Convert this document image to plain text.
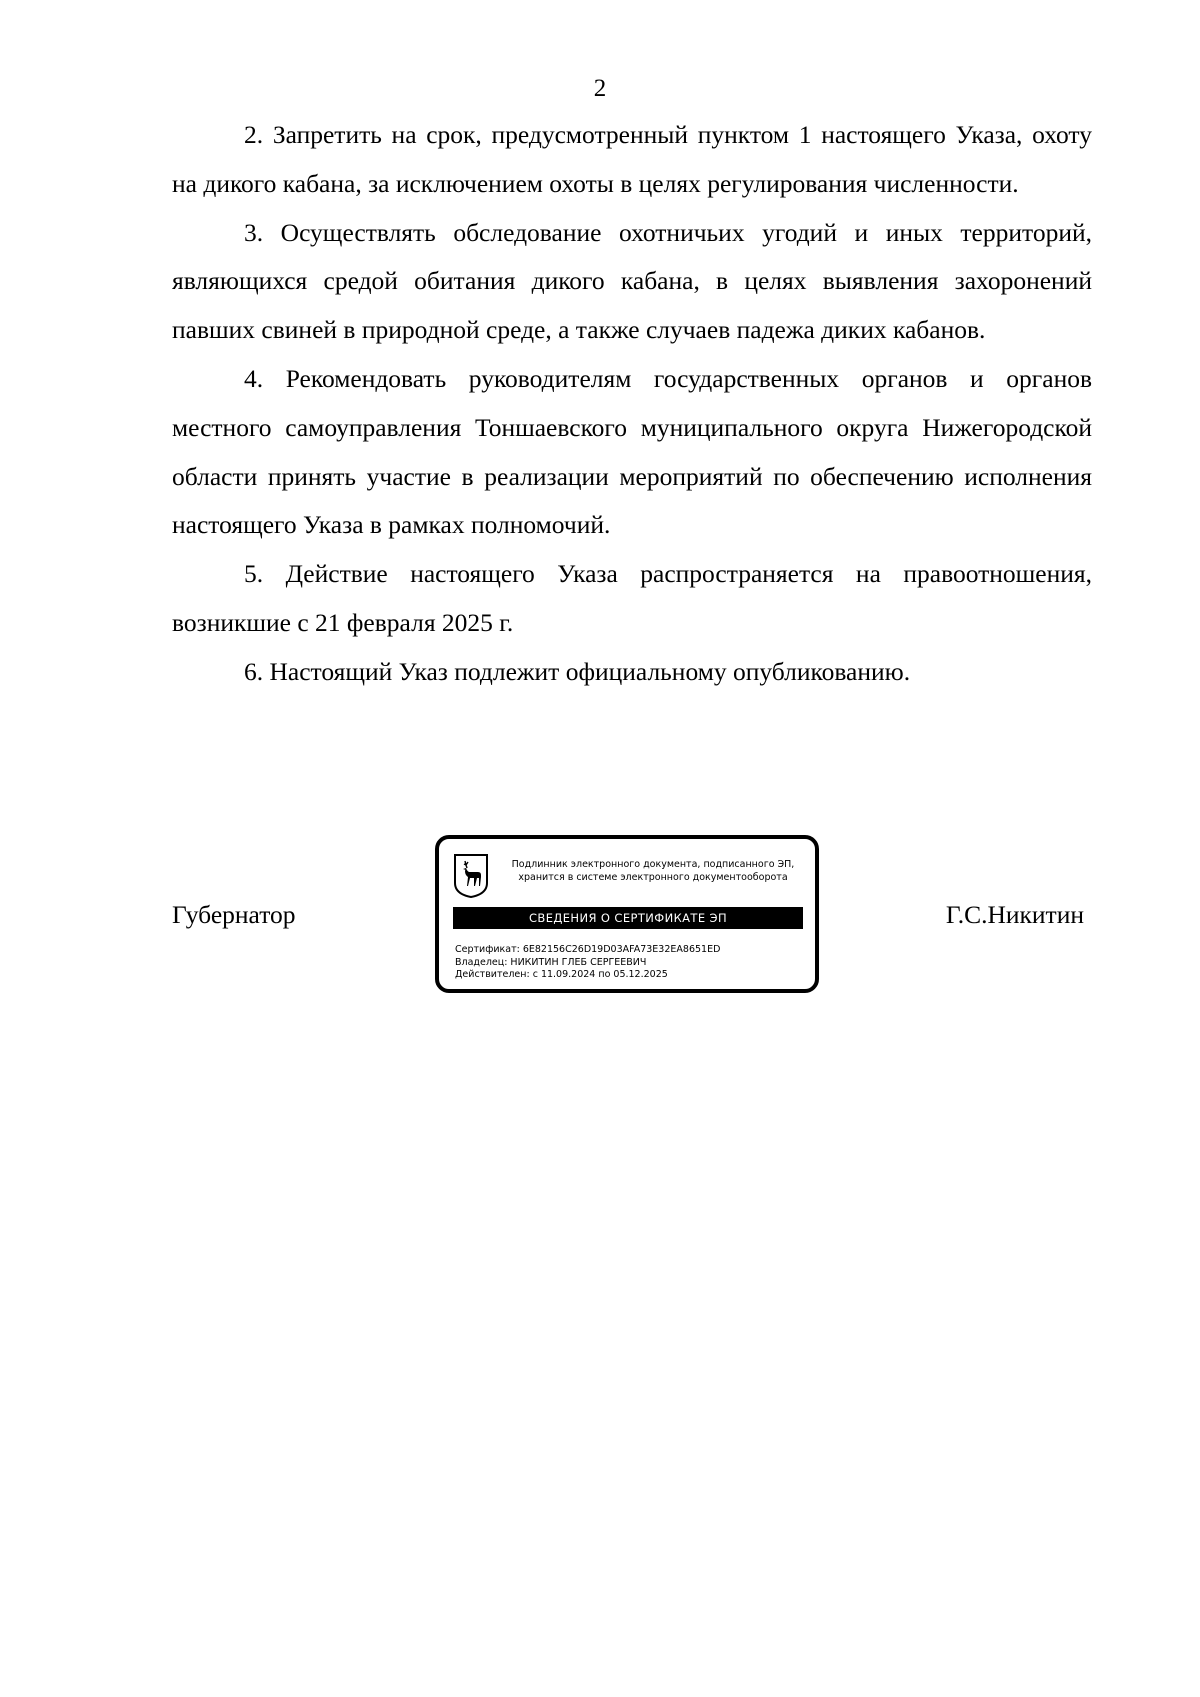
2

2. Запретить на срок, предусмотренный пунктом 1 настоящего Указа, охоту на дикого кабана, за исключением охоты в целях регулирования численности.

3. Осуществлять обследование охотничьих угодий и иных территорий, являющихся средой обитания дикого кабана, в целях выявления захоронений павших свиней в природной среде, а также случаев падежа диких кабанов.

4. Рекомендовать руководителям государственных органов и органов местного самоуправления Тоншаевского муниципального округа Нижегородской области принять участие в реализации мероприятий по обеспечению исполнения настоящего Указа в рамках полномочий.

5. Действие настоящего Указа распространяется на правоотношения, возникшие с 21 февраля 2025 г.

6. Настоящий Указ подлежит официальному опубликованию.

Губернатор	Г.С.Никитин
Подлинник электронного документа, подписанного ЭП,
хранится в системе электронного документооборота
СВЕДЕНИЯ О СЕРТИФИКАТЕ ЭП
Сертификат: 6E82156C26D19D03AFA73E32EA8651ED
Владелец: НИКИТИН ГЛЕБ СЕРГЕЕВИЧ
Действителен: с 11.09.2024 по 05.12.2025
